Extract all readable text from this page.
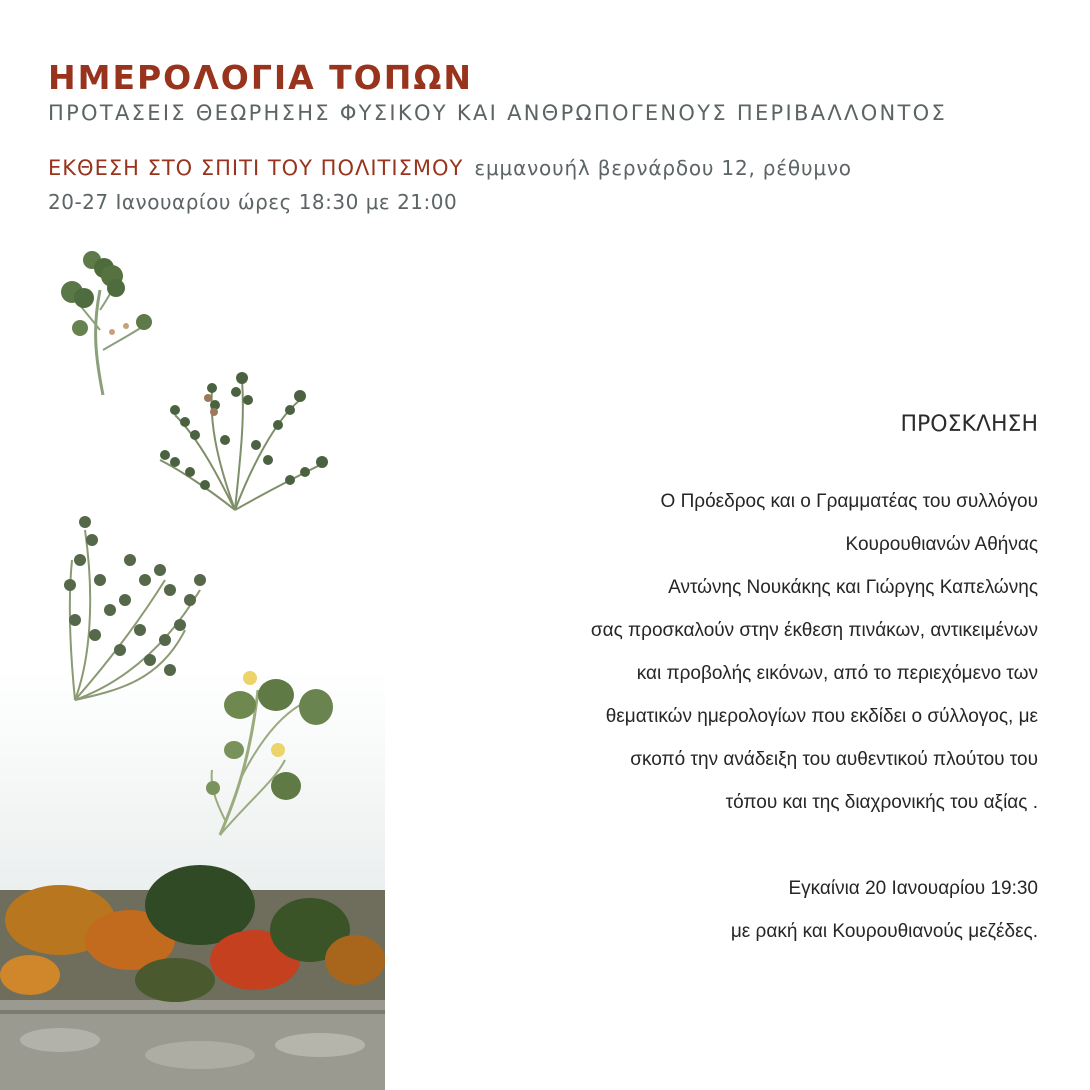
ΗΜΕΡΟΛΟΓΙΑ ΤΟΠΩΝ
ΠΡΟΤΑΣΕΙΣ ΘΕΩΡΗΣΗΣ ΦΥΣΙΚΟΥ ΚΑΙ ΑΝΘΡΩΠΟΓΕΝΟΥΣ ΠΕΡΙΒΑΛΛΟΝΤΟΣ
ΕΚΘΕΣΗ ΣΤΟ ΣΠΙΤΙ ΤΟΥ ΠΟΛΙΤΙΣΜΟΥ εμμανουήλ βερνάρδου 12, ρέθυμνο
20-27 Ιανουαρίου ώρες 18:30 με 21:00
ΠΡΟΣΚΛΗΣΗ
Ο Πρόεδρος και ο Γραμματέας του συλλόγου
Κουρουθιανών Αθήνας
Αντώνης Νουκάκης και Γιώργης Καπελώνης
σας προσκαλούν στην έκθεση πινάκων, αντικειμένων
και προβολής εικόνων, από το περιεχόμενο των
θεματικών ημερολογίων που εκδίδει ο σύλλογος, με
σκοπό την ανάδειξη του αυθεντικού πλούτου του
τόπου και της διαχρονικής του αξίας .
Εγκαίνια 20 Ιανουαρίου 19:30
με ρακή και Κουρουθιανούς μεζέδες.
